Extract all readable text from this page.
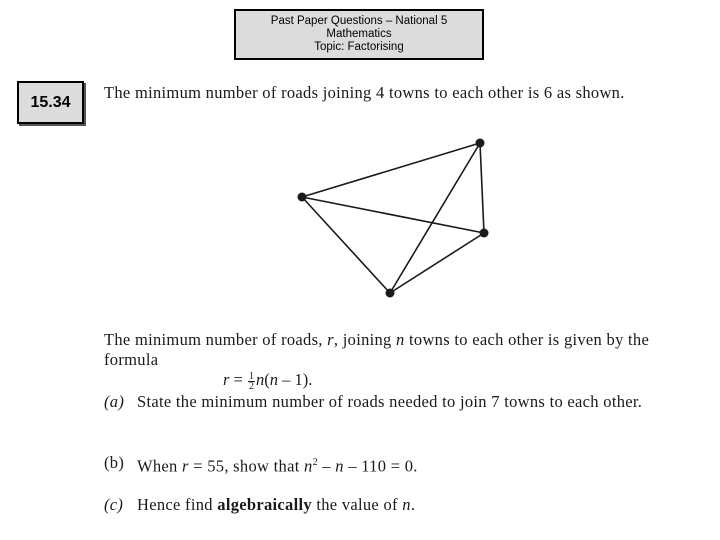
Past Paper Questions – National 5
Mathematics
Topic: Factorising
15.34	The minimum number of roads joining 4 towns to each other is 6 as shown.
The minimum number of roads, r, joining n towns to each other is given by the formula
$r = \frac{1}{2} n(n - 1)$.
(a) State the minimum number of roads needed to join 7 towns to each other.
(b) When r = 55, show that $n^2 - n - 110 = 0$.
(c) Hence find algebraically the value of n.
